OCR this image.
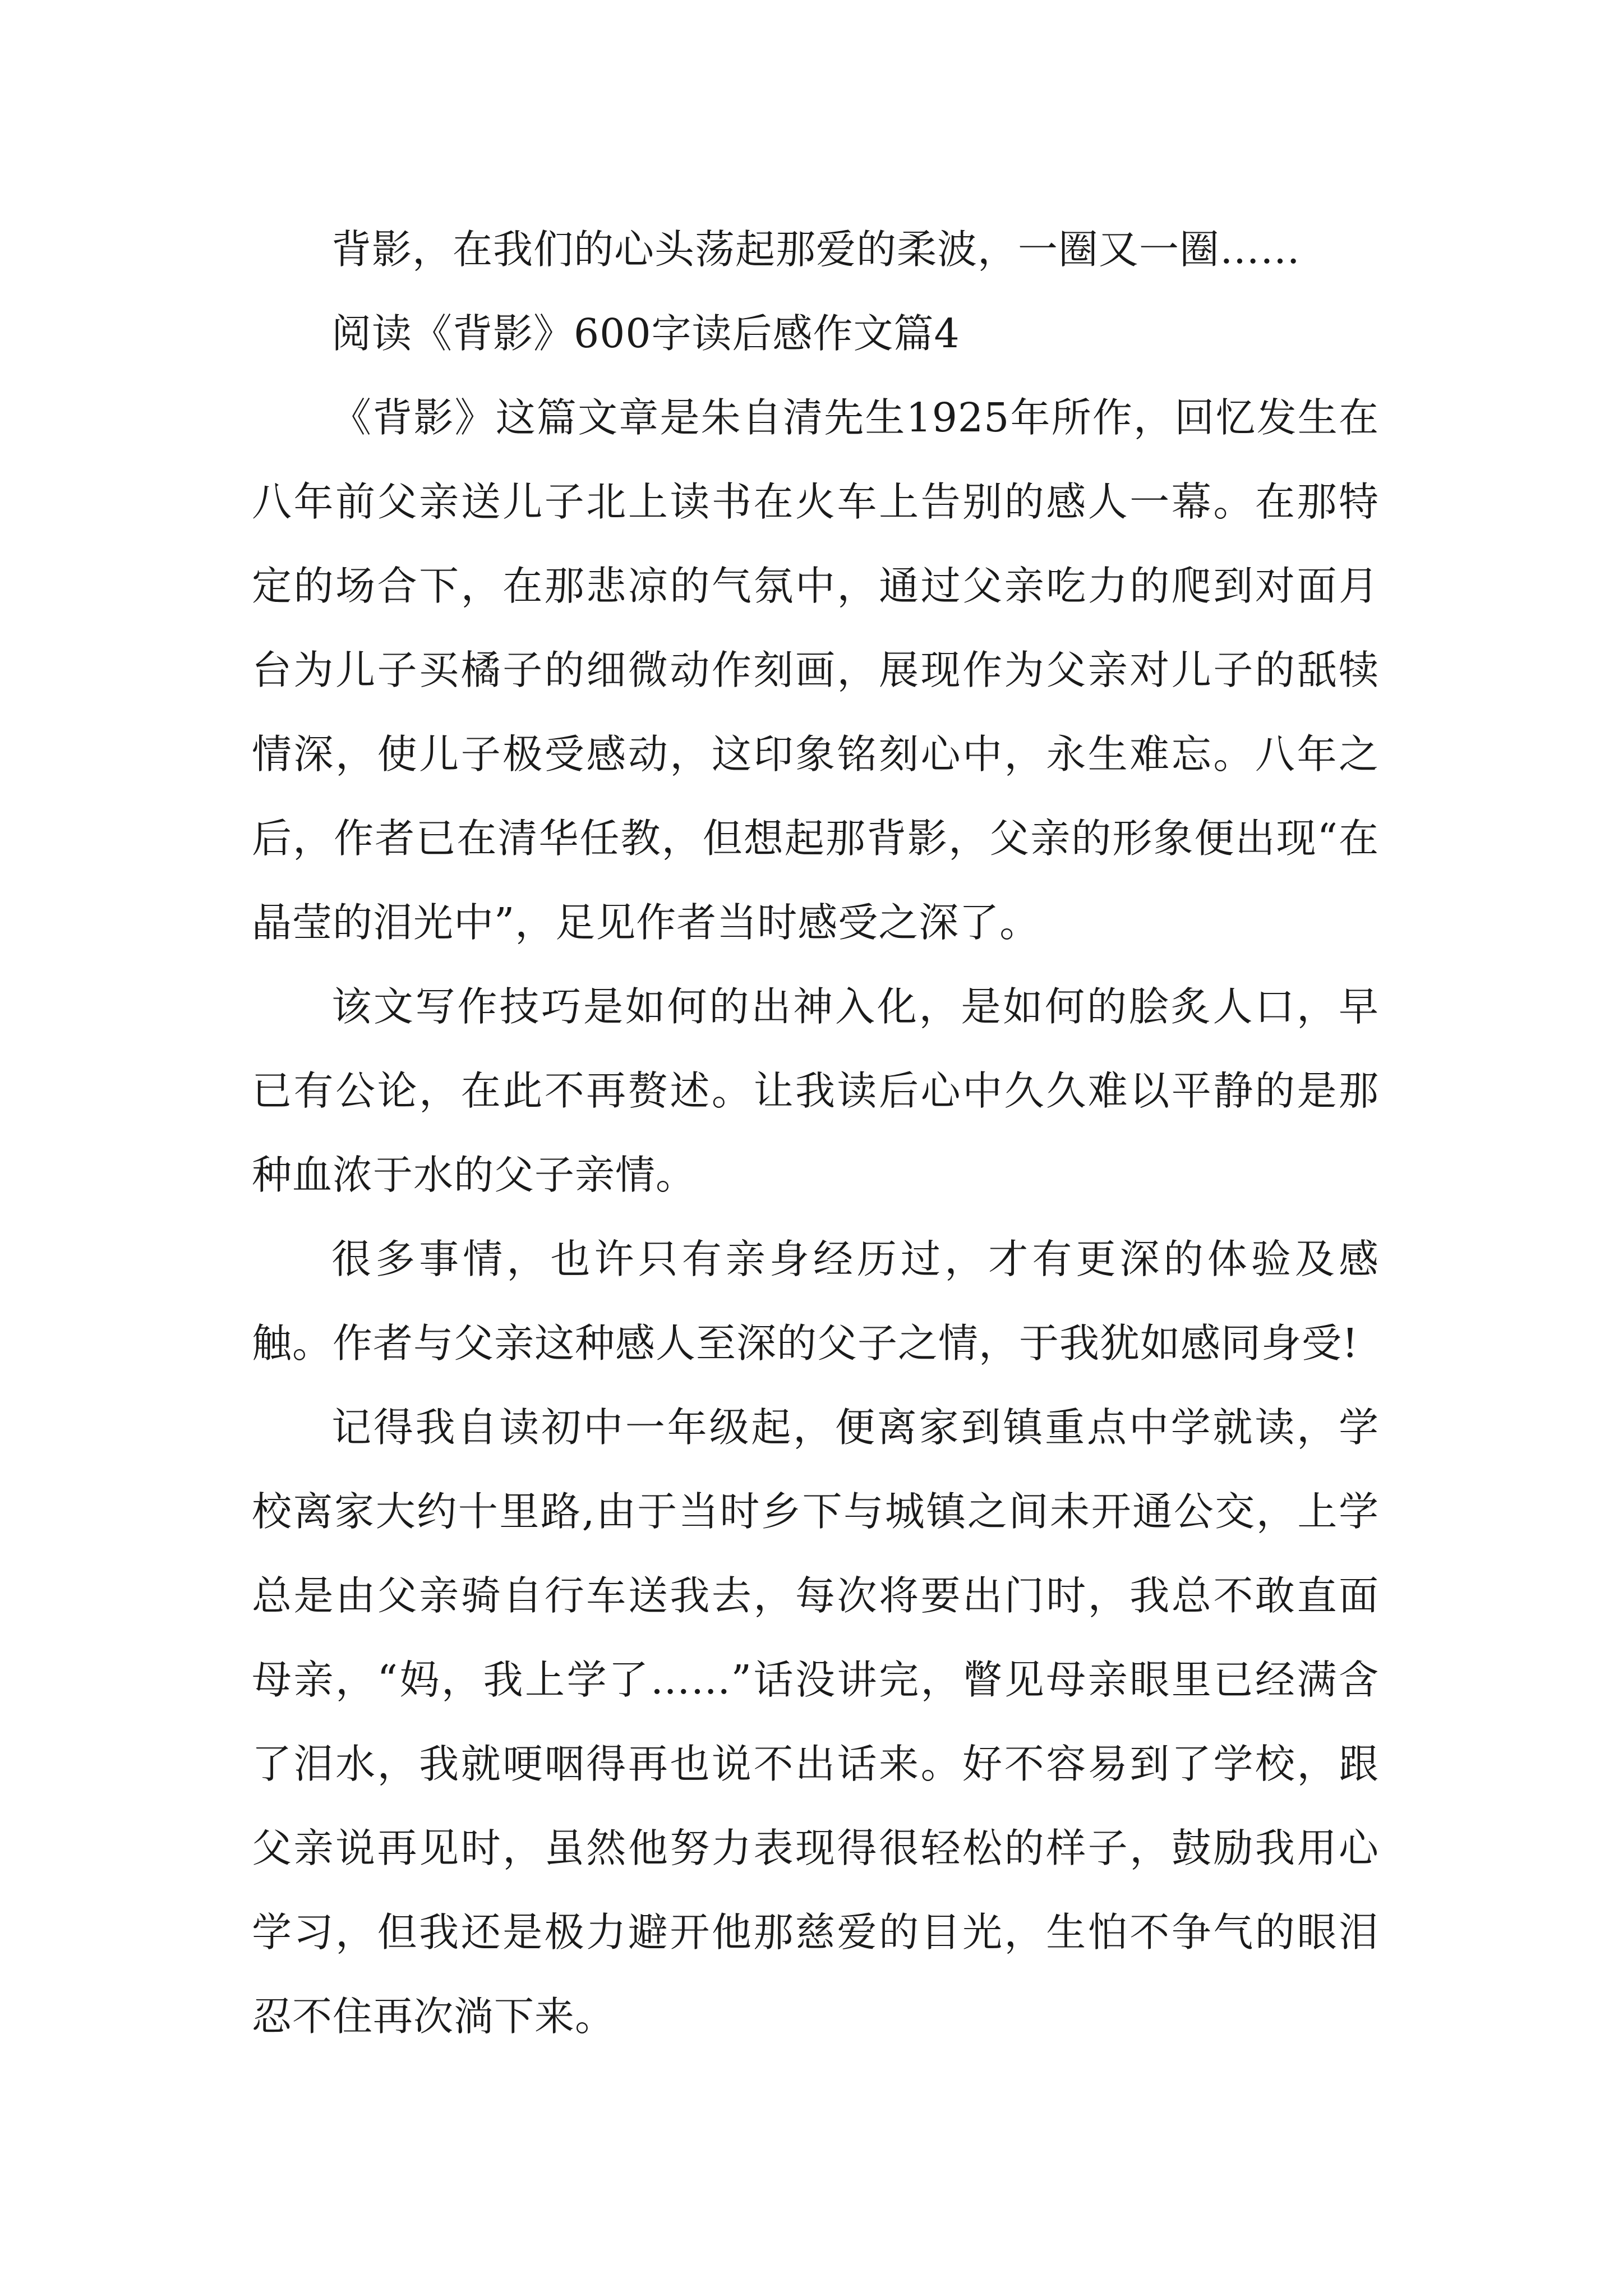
背影，在我们的心头荡起那爱的柔波，一圈又一圈……

阅读《背影》600字读后感作文篇4

《背影》这篇文章是朱自清先生1925年所作，回忆发生在八年前父亲送儿子北上读书在火车上告别的感人一幕。在那特定的场合下，在那悲凉的气氛中，通过父亲吃力的爬到对面月台为儿子买橘子的细微动作刻画，展现作为父亲对儿子的舐犊情深，使儿子极受感动，这印象铭刻心中，永生难忘。八年之后，作者已在清华任教，但想起那背影，父亲的形象便出现“在晶莹的泪光中”，足见作者当时感受之深了。

该文写作技巧是如何的出神入化，是如何的脍炙人口，早已有公论，在此不再赘述。让我读后心中久久难以平静的是那种血浓于水的父子亲情。

很多事情，也许只有亲身经历过，才有更深的体验及感触。作者与父亲这种感人至深的父子之情，于我犹如感同身受!

记得我自读初中一年级起，便离家到镇重点中学就读，学校离家大约十里路,由于当时乡下与城镇之间未开通公交，上学总是由父亲骑自行车送我去，每次将要出门时，我总不敢直面母亲，“妈，我上学了……”话没讲完，瞥见母亲眼里已经满含了泪水，我就哽咽得再也说不出话来。好不容易到了学校，跟父亲说再见时，虽然他努力表现得很轻松的样子，鼓励我用心学习，但我还是极力避开他那慈爱的目光，生怕不争气的眼泪忍不住再次淌下来。
